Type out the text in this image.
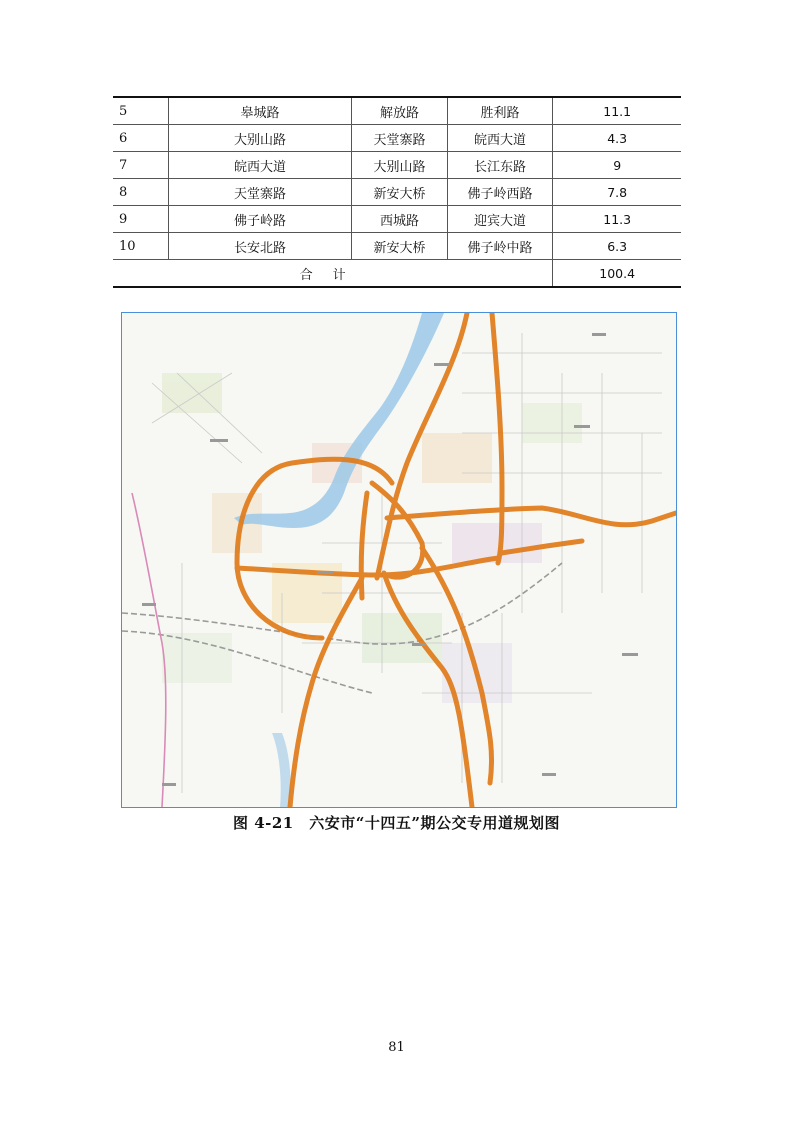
5	皋城路	解放路	胜利路	11.1
6	大别山路	天堂寨路	皖西大道	4.3
7	皖西大道	大别山路	长江东路	9
8	天堂寨路	新安大桥	佛子岭西路	7.8
9	佛子岭路	西城路	迎宾大道	11.3
10	长安北路	新安大桥	佛子岭中路	6.3
合计				100.4
图 4-21　六安市“十四五”期公交专用道规划图
81
